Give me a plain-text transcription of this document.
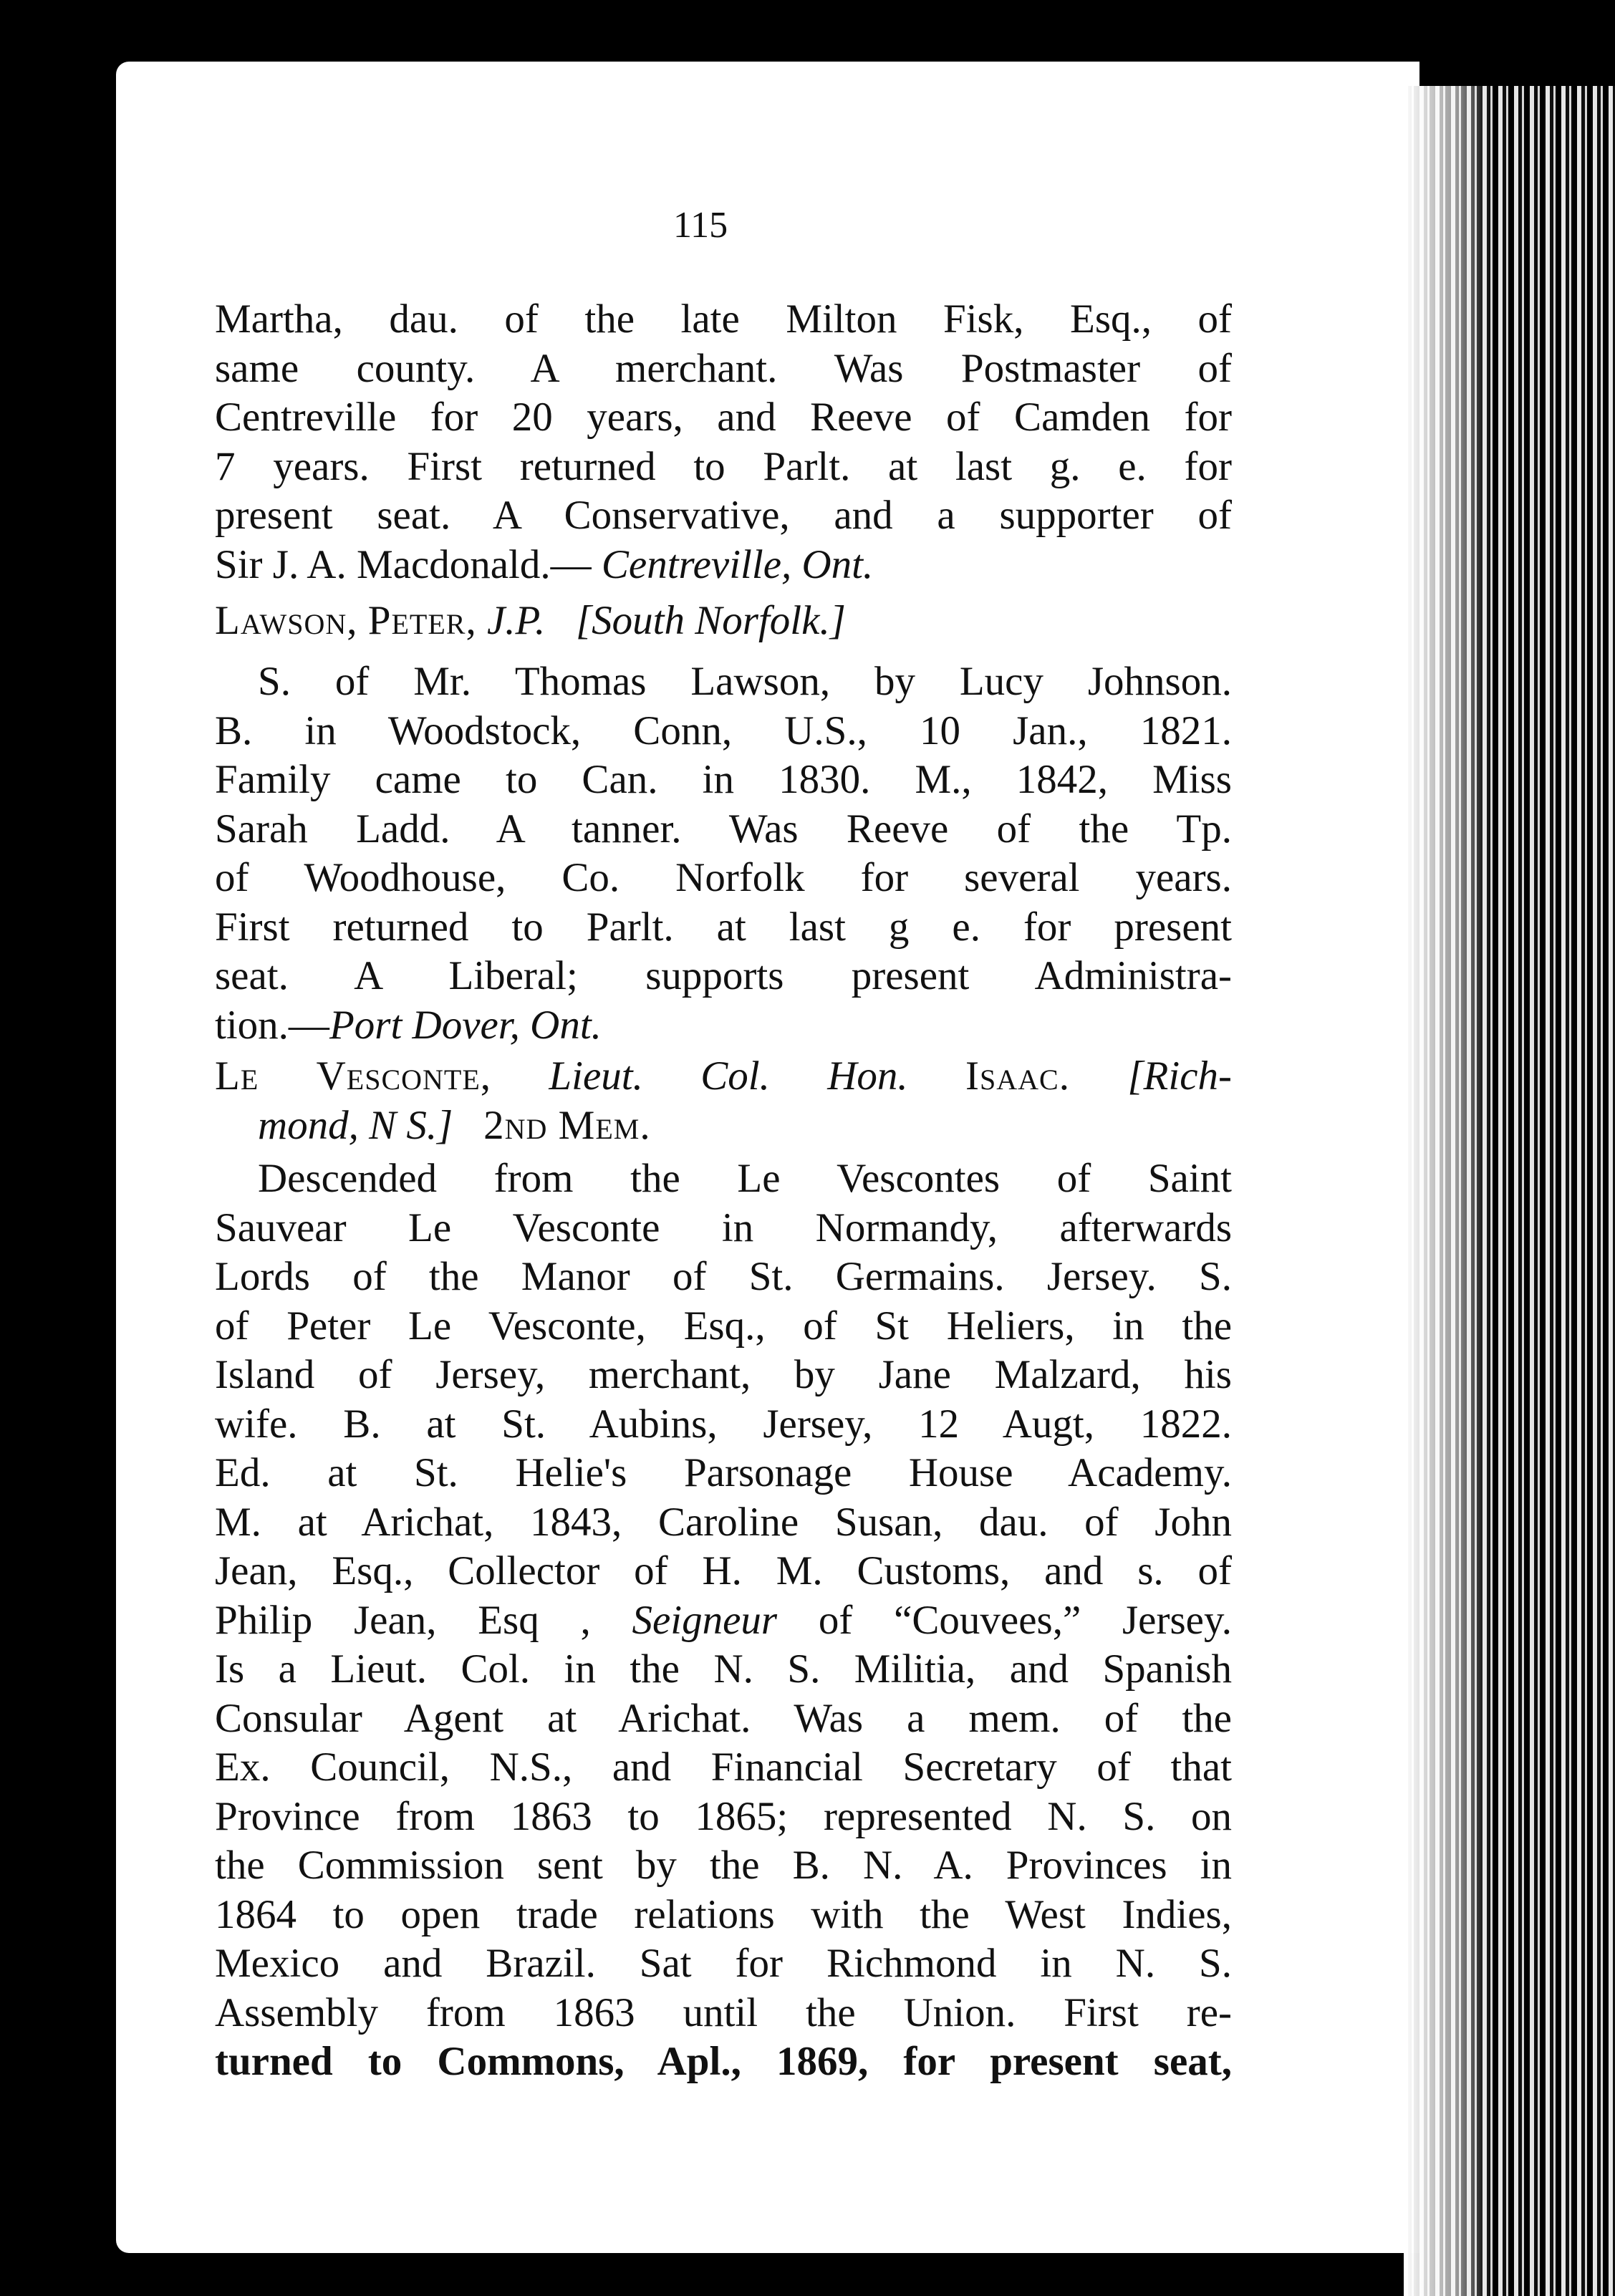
115
Martha, dau. of the late Milton Fisk, Esq., of
same county. A merchant. Was Postmaster of
Centreville for 20 years, and Reeve of Camden for
7 years. First returned to Parlt. at last g. e. for
present seat. A Conservative, and a supporter of
Sir J. A. Macdonald.— Centreville, Ont.
Lawson, Peter, J.P. [South Norfolk.]
S. of Mr. Thomas Lawson, by Lucy Johnson.
B. in Woodstock, Conn, U.S., 10 Jan., 1821.
Family came to Can. in 1830. M., 1842, Miss
Sarah Ladd. A tanner. Was Reeve of the Tp.
of Woodhouse, Co. Norfolk for several years.
First returned to Parlt. at last g e. for present
seat. A Liberal; supports present Administra-
tion.—Port Dover, Ont.
Le Vesconte, Lieut. Col. Hon. Isaac. [Rich-
mond, N S.] 2nd Mem.
Descended from the Le Vescontes of Saint
Sauvear Le Vesconte in Normandy, afterwards
Lords of the Manor of St. Germains. Jersey. S.
of Peter Le Vesconte, Esq., of St Heliers, in the
Island of Jersey, merchant, by Jane Malzard, his
wife. B. at St. Aubins, Jersey, 12 Augt, 1822.
Ed. at St. Helie's Parsonage House Academy.
M. at Arichat, 1843, Caroline Susan, dau. of John
Jean, Esq., Collector of H. M. Customs, and s. of
Philip Jean, Esq , Seigneur of “Couvees,” Jersey.
Is a Lieut. Col. in the N. S. Militia, and Spanish
Consular Agent at Arichat. Was a mem. of the
Ex. Council, N.S., and Financial Secretary of that
Province from 1863 to 1865; represented N. S. on
the Commission sent by the B. N. A. Provinces in
1864 to open trade relations with the West Indies,
Mexico and Brazil. Sat for Richmond in N. S.
Assembly from 1863 until the Union. First re-
turned to Commons, Apl., 1869, for present seat,
